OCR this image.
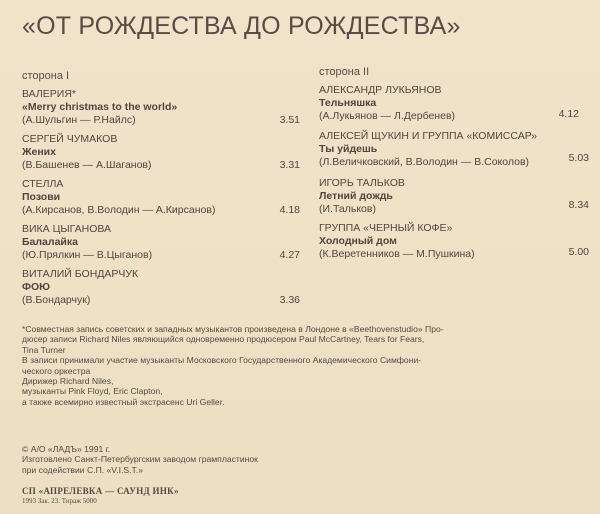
«ОТ РОЖДЕСТВА ДО РОЖДЕСТВА»
сторона I	сторона II
ВАЛЕРИЯ*
«Merry christmas to the world»
(А.Шульгин — Р.Найлс)	3.51
СЕРГЕЙ ЧУМАКОВ
Жених
(В.Башенев — А.Шаганов)	3.31
СТЕЛЛА
Позови
(А.Кирсанов, В.Володин — А.Кирсанов)	4.18
ВИКА ЦЫГАНОВА
Балалайка
(Ю.Прялкин — В.Цыганов)	4.27
ВИТАЛИЙ БОНДАРЧУК
ФОЮ
(В.Бондарчук)	3.36
АЛЕКСАНДР ЛУКЬЯНОВ
Тельняшка
(А.Лукьянов — Л.Дербенев)	4.12
АЛЕКСЕЙ ЩУКИН И ГРУППА «КОМИССАР»
Ты уйдешь
(Л.Величковский, В.Володин — В.Соколов)	5.03
ИГОРЬ ТАЛЬКОВ
Летний дождь
(И.Тальков)	8.34
ГРУППА «ЧЕРНЫЙ КОФЕ»
Холодный дом
(К.Веретенников — М.Пушкина)	5.00
*Совместная запись советских и западных музыкантов произведена в Лондоне в «Beethovenstudio» Про-
дюсер записи Richard Niles являющийся одновременно продюсером Paul McCartney, Tears for Fears,
Tina Turner
В записи принимали участие музыканты Московского Государственного Академического Симфони-
ческого оркестра
Дирижер Richard Niles,
музыканты Pink Floyd, Eric Clapton,
а также всемирно известный экстрасенс Uri Geller.
© А/О «ЛАДЪ» 1991 г.
Изготовлено Санкт-Петербургским заводом грампластинок
при содействии С.П. «V.I.S.T.»
СП «АПРЕЛЕВКА — САУНД ИНК»
1993 Зак. 23. Тираж 5000
